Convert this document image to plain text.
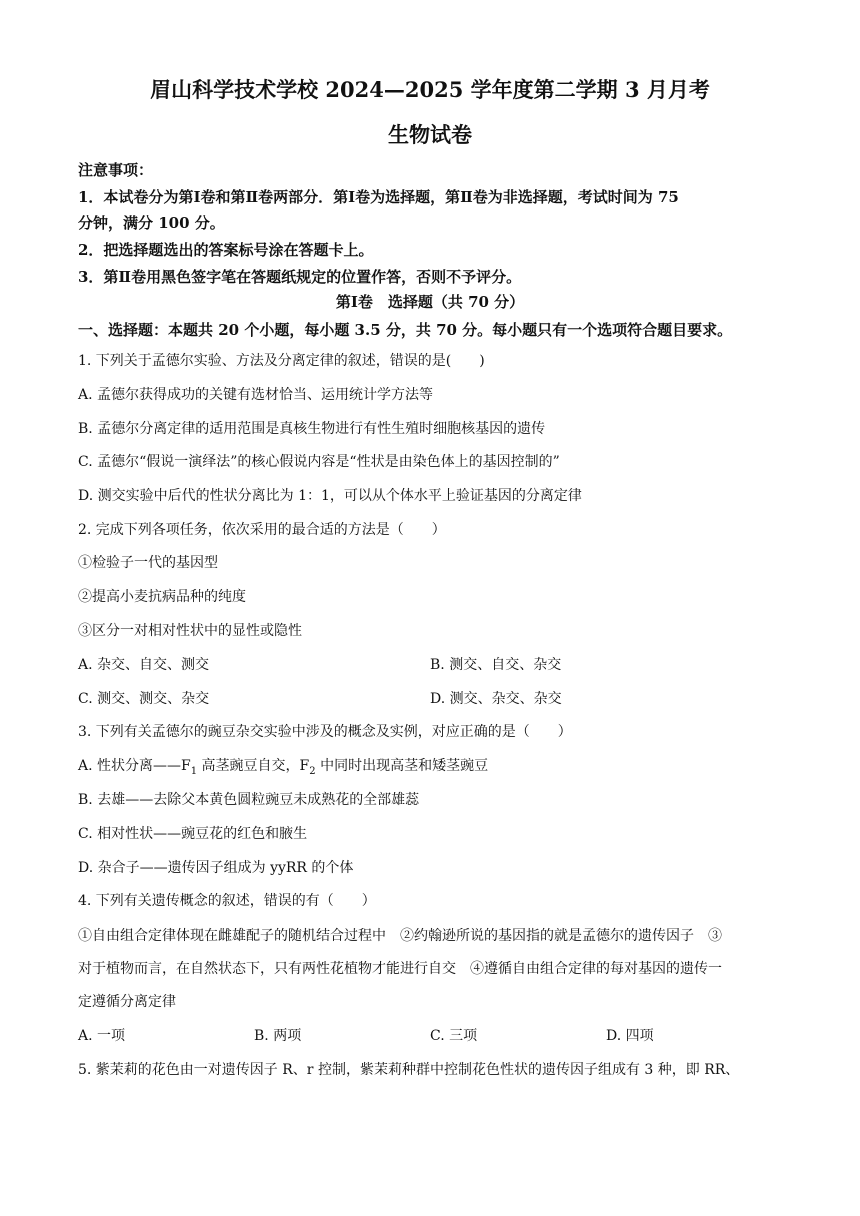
眉山科学技术学校 2024—2025 学年度第二学期 3 月月考
生物试卷
注意事项：
1．本试卷分为第Ⅰ卷和第Ⅱ卷两部分．第Ⅰ卷为选择题，第Ⅱ卷为非选择题，考试时间为 75
分钟，满分 100 分。
2．把选择题选出的答案标号涂在答题卡上。
3．第Ⅱ卷用黑色签字笔在答题纸规定的位置作答，否则不予评分。
第Ⅰ卷　选择题（共 70 分）
一、选择题：本题共 20 个小题，每小题 3.5 分，共 70 分。每小题只有一个选项符合题目要求。
1. 下列关于孟德尔实验、方法及分离定律的叙述，错误的是(　　)
A. 孟德尔获得成功的关键有选材恰当、运用统计学方法等
B. 孟德尔分离定律的适用范围是真核生物进行有性生殖时细胞核基因的遗传
C. 孟德尔“假说一演绎法”的核心假说内容是“性状是由染色体上的基因控制的”
D. 测交实验中后代的性状分离比为 1：1，可以从个体水平上验证基因的分离定律
2. 完成下列各项任务，依次采用的最合适的方法是（　　）
①检验子一代的基因型
②提高小麦抗病品种的纯度
③区分一对相对性状中的显性或隐性
A. 杂交、自交、测交	B. 测交、自交、杂交
C. 测交、测交、杂交	D. 测交、杂交、杂交
3. 下列有关孟德尔的豌豆杂交实验中涉及的概念及实例，对应正确的是（　　）
A. 性状分离$——F_1$ 高茎豌豆自交，$F_2$ 中同时出现高茎和矮茎豌豆
B. 去雄——去除父本黄色圆粒豌豆未成熟花的全部雄蕊
C. 相对性状——豌豆花的红色和腋生
D. 杂合子——遗传因子组成为 yyRR 的个体
4. 下列有关遗传概念的叙述，错误的有（　　）
①自由组合定律体现在雌雄配子的随机结合过程中　②约翰逊所说的基因指的就是孟德尔的遗传因子　③
对于植物而言，在自然状态下，只有两性花植物才能进行自交　④遵循自由组合定律的每对基因的遗传一
定遵循分离定律
A. 一项	B. 两项	C. 三项	D. 四项
5. 紫茉莉的花色由一对遗传因子 R、r 控制，紫茉莉种群中控制花色性状的遗传因子组成有 3 种，即 RR、
